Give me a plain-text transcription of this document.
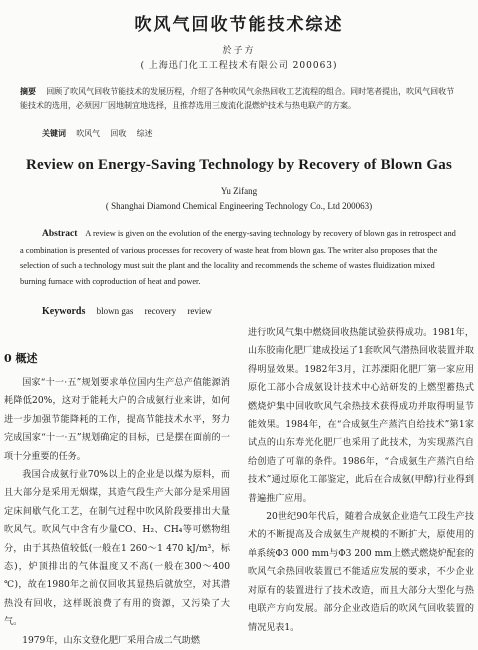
吹风气回收节能技术综述
於子方
( 上海迅门化工工程技术有限公司 200063)
摘要 回顾了吹风气回收节能技术的发展历程，介绍了各种吹风气余热回收工艺流程的组合。同时笔者提出，吹风气回收节能技术的选用，必须因厂因地制宜地选择，且推荐选用三废流化混燃炉技术与热电联产的方案。
关键词 吹风气 回收 综述
Review on Energy-Saving Technology by Recovery of Blown Gas
Yu Zifang
( Shanghai Diamond Chemical Engineering Technology Co., Ltd 200063)
Abstract A review is given on the evolution of the energy-saving technology by recovery of blown gas in retrospect and a combination is presented of various processes for recovery of waste heat from blown gas. The writer also proposes that the selection of such a technology must suit the plant and the locality and recommends the scheme of wastes fluidization mixed burning furnace with coproduction of heat and power.
Keywords blown gas recovery review
0 概述

国家“十一·五”规划要求单位国内生产总产值能源消耗降低20%，这对于能耗大户的合成氨行业来讲，如何进一步加强节能降耗的工作，提高节能技术水平，努力完成国家“十一·五”规划确定的目标，已是摆在面前的一项十分重要的任务。

我国合成氨行业70%以上的企业是以煤为原料，而且大部分是采用无烟煤，其造气段生产大部分是采用固定床间歇气化工艺，在制气过程中吹风阶段要排出大量吹风气。吹风气中含有少量CO、H₂、CH₄等可燃物组分，由于其热值较低(一般在1 260～1 470 kJ/m³，标态)，炉顶排出的气体温度又不高(一般在300～400 ℃)，故在1980年之前仅回收其显热后就放空，对其潜热没有回收，这样既浪费了有用的资源，又污染了大气。

1979年，山东文登化肥厂采用合成二气助燃

进行吹风气集中燃烧回收热能试验获得成功。1981年，山东胶南化肥厂建成投运了1套吹风气潜热回收装置并取得明显效果。1982年3月，江苏溧阳化肥厂第一家应用原化工部小合成氨设计技术中心站研发的上燃型蓄热式燃烧炉集中回收吹风气余热技术获得成功并取得明显节能效果。1984年，在“合成氨生产蒸汽自给技术”第1家试点的山东寿光化肥厂也采用了此技术，为实现蒸汽自给创造了可靠的条件。1986年，“合成氨生产蒸汽自给技术”通过原化工部鉴定，此后在合成氨(甲醇)行业得到普遍推广应用。

20世纪90年代后，随着合成氨企业造气工段生产技术的不断提高及合成氨生产规模的不断扩大，原使用的单系统Φ3 000 mm与Φ3 200 mm上燃式燃烧炉配套的吹风气余热回收装置已不能适应发展的要求，不少企业对原有的装置进行了技术改造，而且大部分大型化与热电联产方向发展。部分企业改造后的吹风气回收装置的情况见表1。
